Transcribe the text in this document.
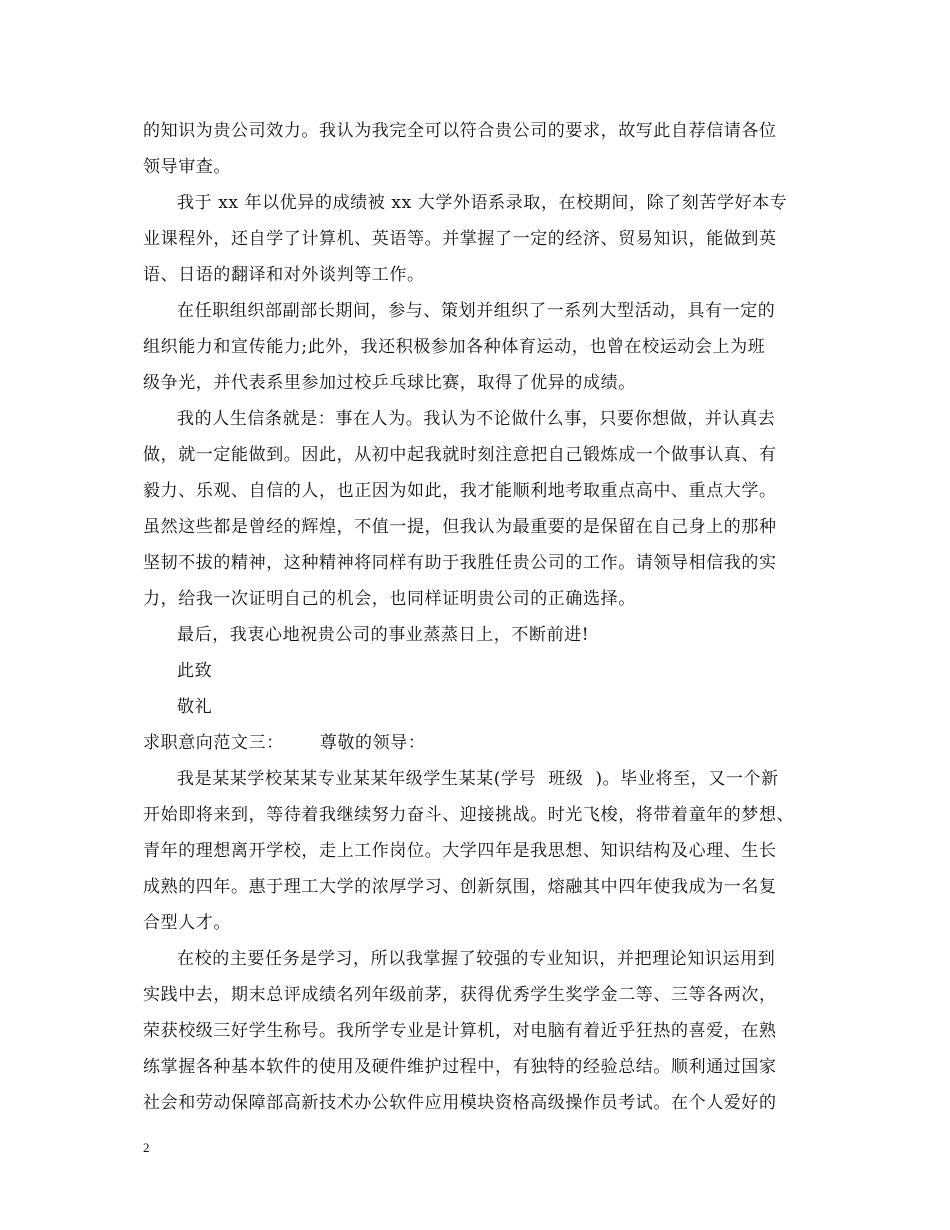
的知识为贵公司效力。我认为我完全可以符合贵公司的要求，故写此自荐信请各位
领导审查。
我于 xx 年以优异的成绩被 xx 大学外语系录取，在校期间，除了刻苦学好本专
业课程外，还自学了计算机、英语等。并掌握了一定的经济、贸易知识，能做到英
语、日语的翻译和对外谈判等工作。
在任职组织部副部长期间，参与、策划并组织了一系列大型活动，具有一定的
组织能力和宣传能力;此外，我还积极参加各种体育运动，也曾在校运动会上为班
级争光，并代表系里参加过校乒乓球比赛，取得了优异的成绩。
我的人生信条就是：事在人为。我认为不论做什么事，只要你想做，并认真去
做，就一定能做到。因此，从初中起我就时刻注意把自己锻炼成一个做事认真、有
毅力、乐观、自信的人，也正因为如此，我才能顺利地考取重点高中、重点大学。
虽然这些都是曾经的辉煌，不值一提，但我认为最重要的是保留在自己身上的那种
坚韧不拔的精神，这种精神将同样有助于我胜任贵公司的工作。请领导相信我的实
力，给我一次证明自己的机会，也同样证明贵公司的正确选择。
最后，我衷心地祝贵公司的事业蒸蒸日上，不断前进!
此致
敬礼
求职意向范文三：      尊敬的领导：
我是某某学校某某专业某某年级学生某某(学号  班级  )。毕业将至，又一个新
开始即将来到，等待着我继续努力奋斗、迎接挑战。时光飞梭，将带着童年的梦想、
青年的理想离开学校，走上工作岗位。大学四年是我思想、知识结构及心理、生长
成熟的四年。惠于理工大学的浓厚学习、创新氛围，熔融其中四年使我成为一名复
合型人才。
在校的主要任务是学习，所以我掌握了较强的专业知识，并把理论知识运用到
实践中去，期末总评成绩名列年级前茅，获得优秀学生奖学金二等、三等各两次，
荣获校级三好学生称号。我所学专业是计算机，对电脑有着近乎狂热的喜爱，在熟
练掌握各种基本软件的使用及硬件维护过程中，有独特的经验总结。顺利通过国家
社会和劳动保障部高新技术办公软件应用模块资格高级操作员考试。在个人爱好的
2
